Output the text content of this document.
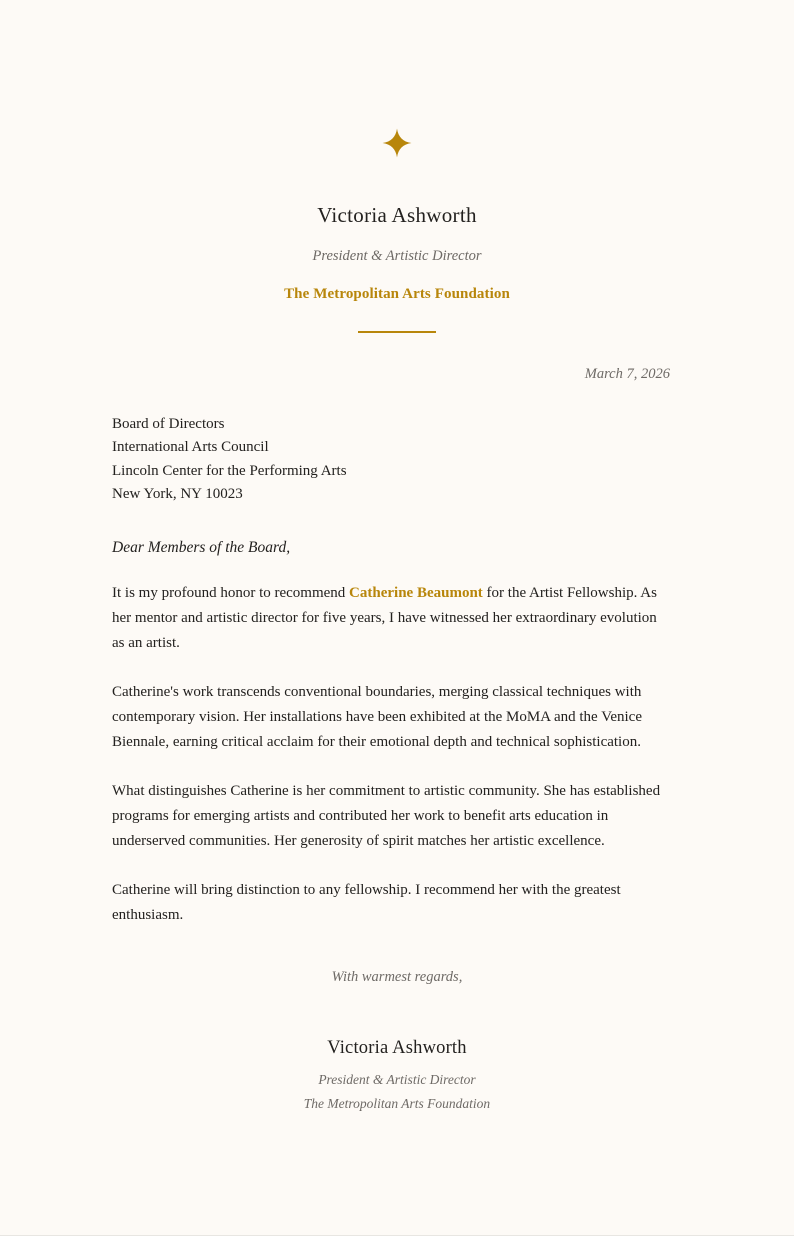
Victoria Ashworth
President & Artistic Director
The Metropolitan Arts Foundation
March 7, 2026
Board of Directors
International Arts Council
Lincoln Center for the Performing Arts
New York, NY 10023
Dear Members of the Board,

It is my profound honor to recommend Catherine Beaumont for the Artist Fellowship. As her mentor and artistic director for five years, I have witnessed her extraordinary evolution as an artist.

Catherine's work transcends conventional boundaries, merging classical techniques with contemporary vision. Her installations have been exhibited at the MoMA and the Venice Biennale, earning critical acclaim for their emotional depth and technical sophistication.

What distinguishes Catherine is her commitment to artistic community. She has established programs for emerging artists and contributed her work to benefit arts education in underserved communities. Her generosity of spirit matches her artistic excellence.

Catherine will bring distinction to any fellowship. I recommend her with the greatest enthusiasm.

With warmest regards,
Victoria Ashworth
President & Artistic Director
The Metropolitan Arts Foundation
